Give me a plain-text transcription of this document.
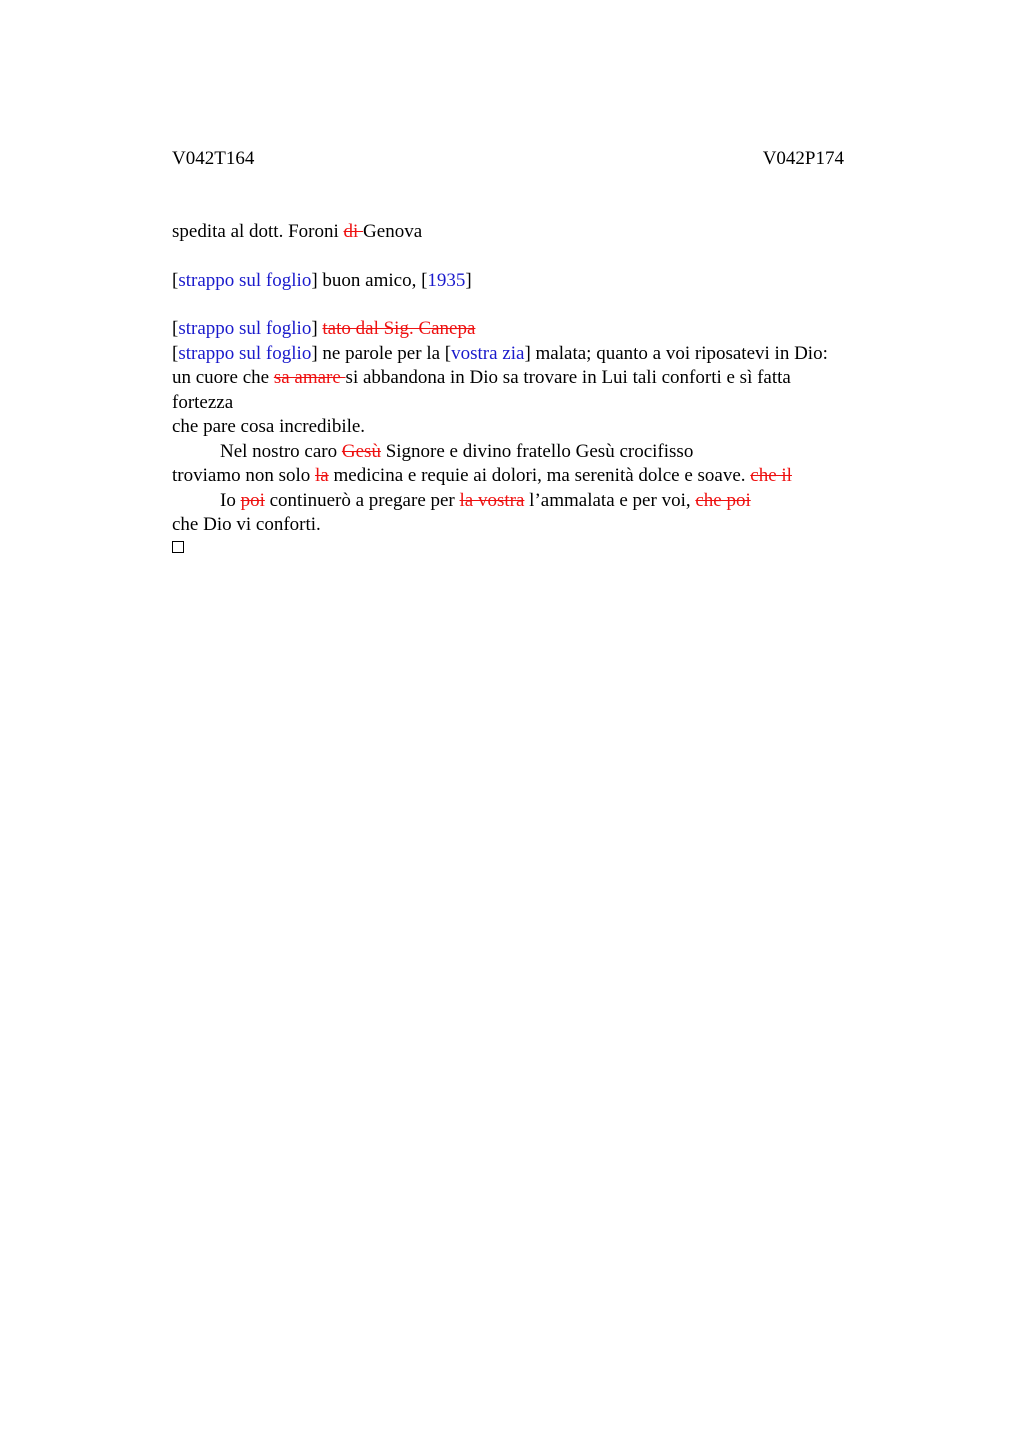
V042T164	V042P174
spedita al dott. Foroni di Genova
[strappo sul foglio] buon amico, [1935]
[strappo sul foglio] tato dal Sig. Canepa
[strappo sul foglio] ne parole per la [vostra zia] malata; quanto a voi riposatevi in Dio:
un cuore che sa amare si abbandona in Dio sa trovare in Lui tali conforti e sì fatta
fortezza
che pare cosa incredibile.
Nel nostro caro Gesù Signore e divino fratello Gesù crocifisso
troviamo non solo la medicina e requie ai dolori, ma serenità dolce e soave. che il
Io poi continuerò a pregare per la vostra l’ammalata e per voi, che poi
che Dio vi conforti.
